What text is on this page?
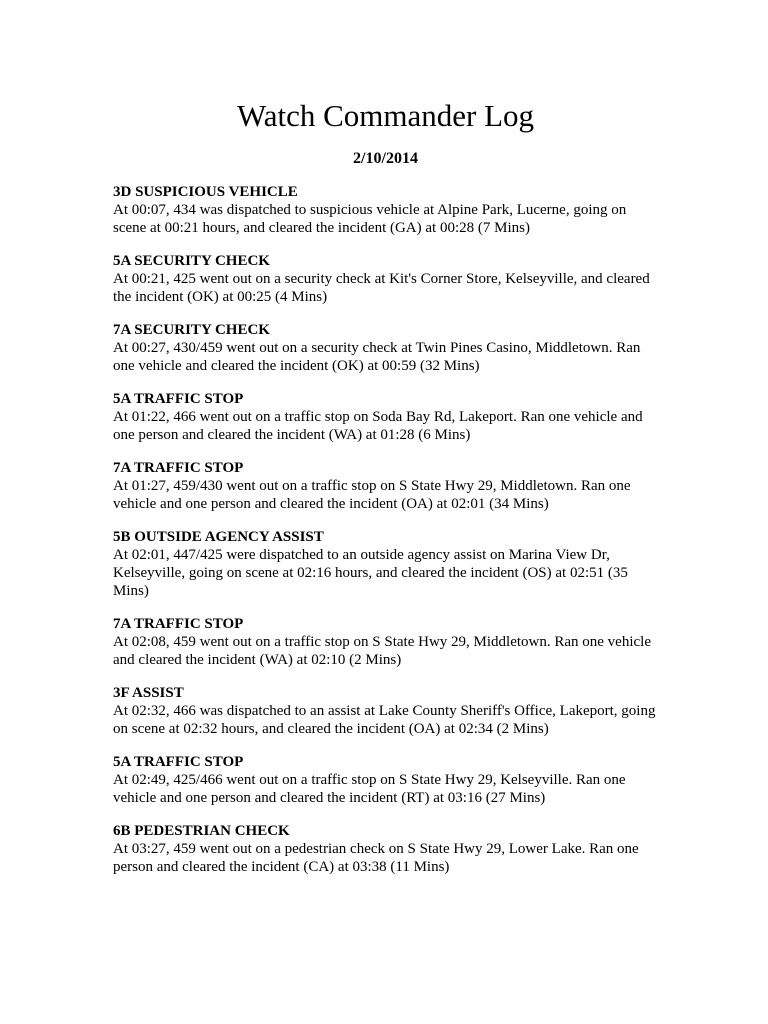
Watch Commander Log
2/10/2014
3D SUSPICIOUS VEHICLE
At 00:07, 434 was dispatched to suspicious vehicle at Alpine Park, Lucerne, going on scene at 00:21 hours, and cleared the incident (GA) at 00:28 (7 Mins)
5A SECURITY CHECK
At 00:21, 425 went out on a security check at Kit's Corner Store, Kelseyville, and cleared the incident (OK) at 00:25 (4 Mins)
7A SECURITY CHECK
At 00:27, 430/459 went out on a security check at Twin Pines Casino, Middletown. Ran one vehicle and cleared the incident (OK) at 00:59 (32 Mins)
5A TRAFFIC STOP
At 01:22, 466 went out on a traffic stop on Soda Bay Rd, Lakeport. Ran one vehicle and one person and cleared the incident (WA) at 01:28 (6 Mins)
7A TRAFFIC STOP
At 01:27, 459/430 went out on a traffic stop on S State Hwy 29, Middletown. Ran one vehicle and one person and cleared the incident (OA) at 02:01 (34 Mins)
5B OUTSIDE AGENCY ASSIST
At 02:01, 447/425 were dispatched to an outside agency assist on Marina View Dr, Kelseyville, going on scene at 02:16 hours, and cleared the incident (OS) at 02:51 (35 Mins)
7A TRAFFIC STOP
At 02:08, 459 went out on a traffic stop on S State Hwy 29, Middletown. Ran one vehicle and cleared the incident (WA) at 02:10 (2 Mins)
3F ASSIST
At 02:32, 466 was dispatched to an assist at Lake County Sheriff's Office, Lakeport, going on scene at 02:32 hours, and cleared the incident (OA) at 02:34 (2 Mins)
5A TRAFFIC STOP
At 02:49, 425/466 went out on a traffic stop on S State Hwy 29, Kelseyville. Ran one vehicle and one person and cleared the incident (RT) at 03:16 (27 Mins)
6B PEDESTRIAN CHECK
At 03:27, 459 went out on a pedestrian check on S State Hwy 29, Lower Lake. Ran one person and cleared the incident (CA) at 03:38 (11 Mins)
